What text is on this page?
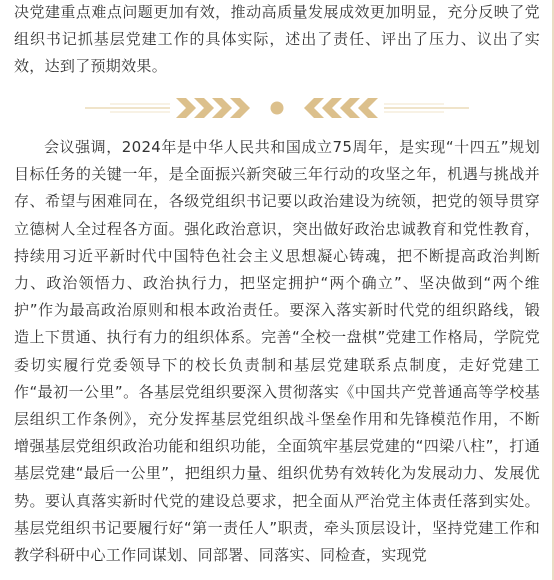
决党建重点难点问题更加有效，推动高质量发展成效更加明显，充分反映了党组织书记抓基层党建工作的具体实际，述出了责任、评出了压力、议出了实效，达到了预期效果。

会议强调，2024年是中华人民共和国成立75周年，是实现“十四五”规划目标任务的关键一年，是全面振兴新突破三年行动的攻坚之年，机遇与挑战并存、希望与困难同在，各级党组织书记要以政治建设为统领，把党的领导贯穿立德树人全过程各方面。强化政治意识，突出做好政治忠诚教育和党性教育，持续用习近平新时代中国特色社会主义思想凝心铸魂，把不断提高政治判断力、政治领悟力、政治执行力，把坚定拥护“两个确立”、坚决做到“两个维护”作为最高政治原则和根本政治责任。要深入落实新时代党的组织路线，锻造上下贯通、执行有力的组织体系。完善“全校一盘棋”党建工作格局，学院党委切实履行党委领导下的校长负责制和基层党建联系点制度，走好党建工作“最初一公里”。各基层党组织要深入贯彻落实《中国共产党普通高等学校基层组织工作条例》，充分发挥基层党组织战斗堡垒作用和先锋模范作用，不断增强基层党组织政治功能和组织功能，全面筑牢基层党建的“四梁八柱”，打通基层党建“最后一公里”，把组织力量、组织优势有效转化为发展动力、发展优势。要认真落实新时代党的建设总要求，把全面从严治党主体责任落到实处。基层党组织书记要履行好“第一责任人”职责，牵头顶层设计，坚持党建工作和教学科研中心工作同谋划、同部署、同落实、同检查，实现党
